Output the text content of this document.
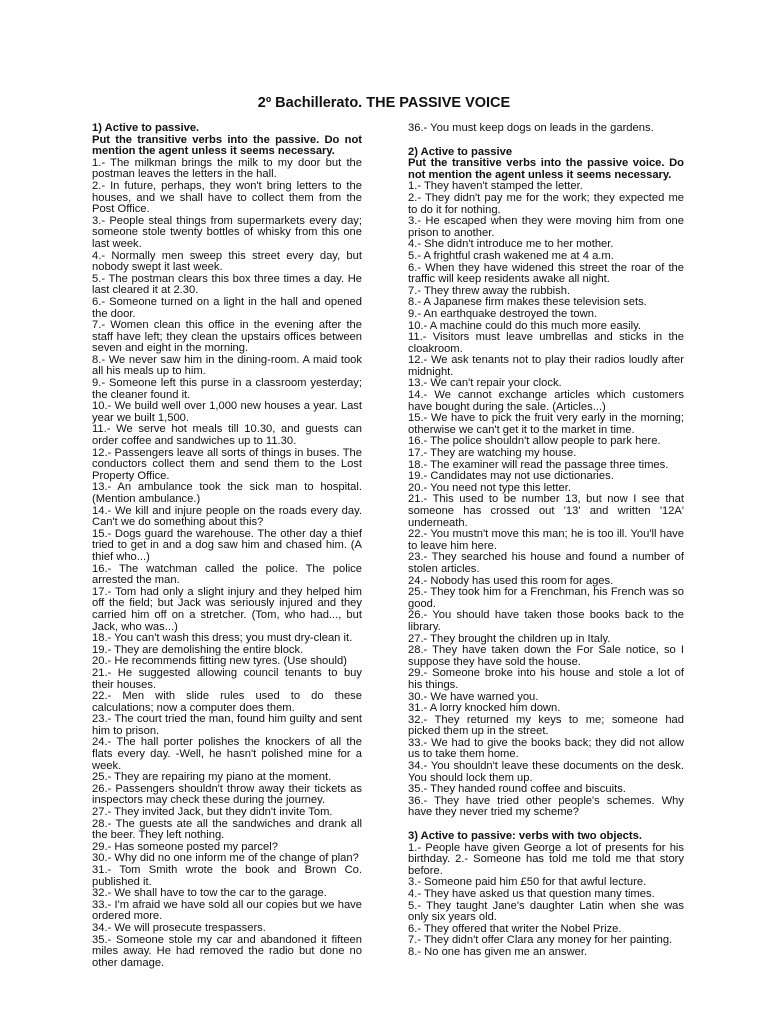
2º Bachillerato. THE PASSIVE VOICE
1) Active to passive.
Put the transitive verbs into the passive. Do not mention the agent unless it seems necessary.
1.- The milkman brings the milk to my door but the postman leaves the letters in the hall.
2.- In future, perhaps, they won't bring letters to the houses, and we shall have to collect them from the Post Office.
3.- People steal things from supermarkets every day; someone stole twenty bottles of whisky from this one last week.
4.- Normally men sweep this street every day, but nobody swept it last week.
5.- The postman clears this box three times a day. He last cleared it at 2.30.
6.- Someone turned on a light in the hall and opened the door.
7.- Women clean this office in the evening after the staff have left; they clean the upstairs offices between seven and eight in the morning.
8.- We never saw him in the dining-room. A maid took all his meals up to him.
9.- Someone left this purse in a classroom yesterday; the cleaner found it.
10.- We build well over 1,000 new houses a year. Last year we built 1,500.
11.- We serve hot meals till 10.30, and guests can order coffee and sandwiches up to 11.30.
12.- Passengers leave all sorts of things in buses. The conductors collect them and send them to the Lost Property Office.
13.- An ambulance took the sick man to hospital. (Mention ambulance.)
14.- We kill and injure people on the roads every day. Can't we do something about this?
15.- Dogs guard the warehouse. The other day a thief tried to get in and a dog saw him and chased him. (A thief who...)
16.- The watchman called the police. The police arrested the man.
17.- Tom had only a slight injury and they helped him off the field; but Jack was seriously injured and they carried him off on a stretcher. (Tom, who had..., but Jack, who was...)
18.- You can't wash this dress; you must dry-clean it.
19.- They are demolishing the entire block.
20.- He recommends fitting new tyres. (Use should)
21.- He suggested allowing council tenants to buy their houses.
22.- Men with slide rules used to do these calculations; now a computer does them.
23.- The court tried the man, found him guilty and sent him to prison.
24.- The hall porter polishes the knockers of all the flats every day. -Well, he hasn't polished mine for a week.
25.- They are repairing my piano at the moment.
26.- Passengers shouldn't throw away their tickets as inspectors may check these during the journey.
27.- They invited Jack, but they didn't invite Tom.
28.- The guests ate all the sandwiches and drank all the beer. They left nothing.
29.- Has someone posted my parcel?
30.- Why did no one inform me of the change of plan?
31.- Tom Smith wrote the book and Brown Co. published it.
32.- We shall have to tow the car to the garage.
33.- I'm afraid we have sold all our copies but we have ordered more.
34.- We will prosecute trespassers.
35.- Someone stole my car and abandoned it fifteen miles away. He had removed the radio but done no other damage.
36.- You must keep dogs on leads in the gardens.
2) Active to passive
Put the transitive verbs into the passive voice. Do not mention the agent unless it seems necessary.
1.- They haven't stamped the letter.
2.- They didn't pay me for the work; they expected me to do it for nothing.
3.- He escaped when they were moving him from one prison to another.
4.- She didn't introduce me to her mother.
5.- A frightful crash wakened me at 4 a.m.
6.- When they have widened this street the roar of the traffic will keep residents awake all night.
7.- They threw away the rubbish.
8.- A Japanese firm makes these television sets.
9.- An earthquake destroyed the town.
10.- A machine could do this much more easily.
11.- Visitors must leave umbrellas and sticks in the cloakroom.
12.- We ask tenants not to play their radios loudly after midnight.
13.- We can't repair your clock.
14.- We cannot exchange articles which customers have bought during the sale. (Articles...)
15.- We have to pick the fruit very early in the morning; otherwise we can't get it to the market in time.
16.- The police shouldn't allow people to park here.
17.- They are watching my house.
18.- The examiner will read the passage three times.
19.- Candidates may not use dictionaries.
20.- You need not type this letter.
21.- This used to be number 13, but now I see that someone has crossed out '13' and written '12A' underneath.
22.- You mustn't move this man; he is too ill. You'll have to leave him here.
23.- They searched his house and found a number of stolen articles.
24.- Nobody has used this room for ages.
25.- They took him for a Frenchman, his French was so good.
26.- You should have taken those books back to the library.
27.- They brought the children up in Italy.
28.- They have taken down the For Sale notice, so I suppose they have sold the house.
29.- Someone broke into his house and stole a lot of his things.
30.- We have warned you.
31.- A lorry knocked him down.
32.- They returned my keys to me; someone had picked them up in the street.
33.- We had to give the books back; they did not allow us to take them home.
34.- You shouldn't leave these documents on the desk. You should lock them up.
35.- They handed round coffee and biscuits.
36.- They have tried other people's schemes. Why have they never tried my scheme?
3) Active to passive: verbs with two objects.
1.- People have given George a lot of presents for his birthday. 2.- Someone has told me told me that story before.
3.- Someone paid him £50 for that awful lecture.
4.- They have asked us that question many times.
5.- They taught Jane's daughter Latin when she was only six years old.
6.- They offered that writer the Nobel Prize.
7.- They didn't offer Clara any money for her painting.
8.- No one has given me an answer.
